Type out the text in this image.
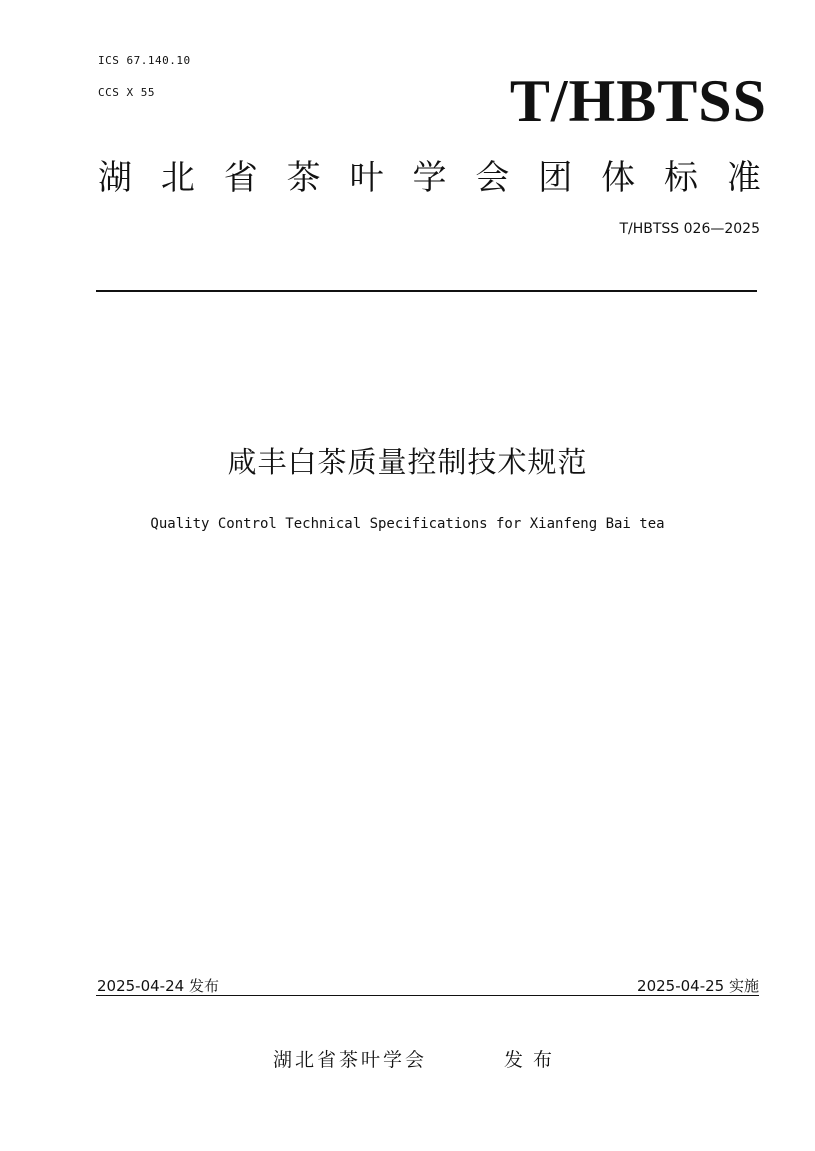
ICS 67.140.10
CCS X 55	T/HBTSS
湖 北 省 茶 叶 学 会 团 体 标 准
T/HBTSS 026—2025
咸丰白茶质量控制技术规范
Quality Control Technical Specifications for Xianfeng Bai tea
2025-04-24 发布	2025-04-25 实施
湖北省茶叶学会	发布
